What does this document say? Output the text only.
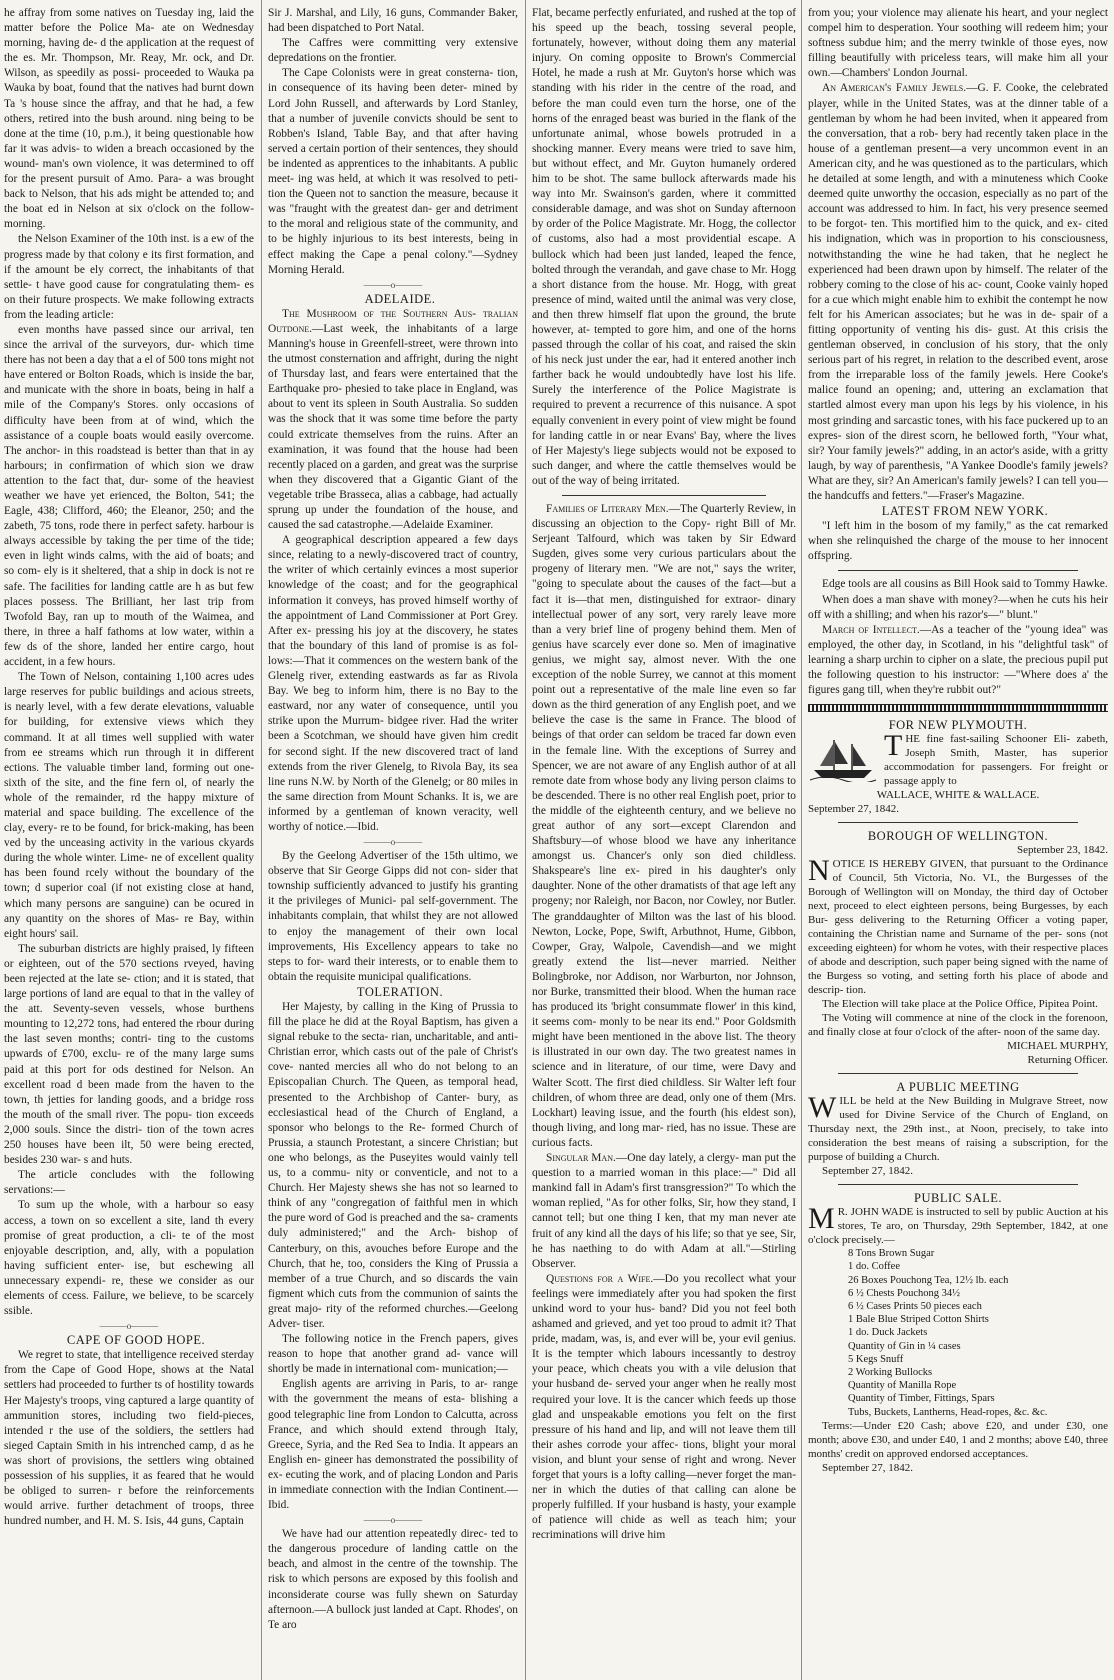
he affray from some natives on Tuesday ing, laid the matter before the Police Ma- ate on Wednesday morning, having de- d the application at the request of the es. Mr. Thompson, Mr. Reay, Mr. ock, and Dr. Wilson, as speedily as possi- proceeded to Wauka pa Wauka by boat, found that the natives had burnt down Ta 's house since the affray, and that he had, a few others, retired into the bush around. ning being to be done at the time (10, p.m.), it being questionable how far it was advis- to widen a breach occasioned by the wound- man's own violence, it was determined to off for the present pursuit of Amo. Para- a was brought back to Nelson, that his ads might be attended to; and the boat ed in Nelson at six o'clock on the follow- morning.

the Nelson Examiner of the 10th inst. is a ew of the progress made by that colony e its first formation, and if the amount be ely correct, the inhabitants of that settle- t have good cause for congratulating them- es on their future prospects. We make following extracts from the leading article:

even months have passed since our arrival, ten since the arrival of the surveyors, dur- which time there has not been a day that a el of 500 tons might not have entered or Bolton Roads, which is inside the bar, and municate with the shore in boats, being in half a mile of the Company's Stores. only occasions of difficulty have been from at of wind, which the assistance of a couple boats would easily overcome. The anchor- in this roadstead is better than that in ay harbours; in confirmation of which sion we draw attention to the fact that, dur- some of the heaviest weather we have yet erienced, the Bolton, 541; the Eagle, 438; Clifford, 460; the Eleanor, 250; and the zabeth, 75 tons, rode there in perfect safety. harbour is always accessible by taking the per time of the tide; even in light winds calms, with the aid of boats; and so com- ely is it sheltered, that a ship in dock is not re safe. The facilities for landing cattle are h as but few places possess. The Brilliant, her last trip from Twofold Bay, ran up to mouth of the Waimea, and there, in three a half fathoms at low water, within a few ds of the shore, landed her entire cargo, hout accident, in a few hours.

The Town of Nelson, containing 1,100 acres udes large reserves for public buildings and acious streets, is nearly level, with a few derate elevations, valuable for building, for extensive views which they command. It at all times well supplied with water from ee streams which run through it in different ections. The valuable timber land, forming out one-sixth of the site, and the fine fern ol, of nearly the whole of the remainder, rd the happy mixture of material and space building. The excellence of the clay, every- re to be found, for brick-making, has been ved by the unceasing activity in the various ckyards during the whole winter. Lime- ne of excellent quality has been found rcely without the boundary of the town; d superior coal (if not existing close at hand, which many persons are sanguine) can be ocured in any quantity on the shores of Mas- re Bay, within eight hours' sail.

The suburban districts are highly praised, ly fifteen or eighteen, out of the 570 sections rveyed, having been rejected at the late se- ction; and it is stated, that large portions of land are equal to that in the valley of the att. Seventy-seven vessels, whose burthens mounting to 12,272 tons, had entered the rbour during the last seven months; contri- ting to the customs upwards of £700, exclu- re of the many large sums paid at this port for ods destined for Nelson. An excellent road d been made from the haven to the town, th jetties for landing goods, and a bridge ross the mouth of the small river. The popu- tion exceeds 2,000 souls. Since the distri- tion of the town acres 250 houses have been ilt, 50 were being erected, besides 230 war- s and huts.

The article concludes with the following servations:—

To sum up the whole, with a harbour so easy access, a town on so excellent a site, land th every promise of great production, a cli- te of the most enjoyable description, and, ally, with a population having sufficient enter- ise, but eschewing all unnecessary expendi- re, these we consider as our elements of ccess. Failure, we believe, to be scarcely ssible.

———o———

CAPE OF GOOD HOPE.

We regret to state, that intelligence received sterday from the Cape of Good Hope, shows at the Natal settlers had proceeded to further ts of hostility towards Her Majesty's troops, ving captured a large quantity of ammunition stores, including two field-pieces, intended r the use of the soldiers, the settlers had sieged Captain Smith in his intrenched camp, d as he was short of provisions, the settlers wing obtained possession of his supplies, it as feared that he would be obliged to surren- r before the reinforcements would arrive. further detachment of troops, three hundred number, and H. M. S. Isis, 44 guns, Captain

Sir J. Marshal, and Lily, 16 guns, Commander Baker, had been dispatched to Port Natal.

The Caffres were committing very extensive depredations on the frontier.

The Cape Colonists were in great consterna- tion, in consequence of its having been deter- mined by Lord John Russell, and afterwards by Lord Stanley, that a number of juvenile convicts should be sent to Robben's Island, Table Bay, and that after having served a certain portion of their sentences, they should be indented as apprentices to the inhabitants. A public meet- ing was held, at which it was resolved to peti- tion the Queen not to sanction the measure, because it was "fraught with the greatest dan- ger and detriment to the moral and religious state of the community, and to be highly injurious to its best interests, being in effect making the Cape a penal colony."—Sydney Morning Herald.

———o———

ADELAIDE.

The Mushroom of the Southern Aus- tralian Outdone.—Last week, the inhabitants of a large Manning's house in Greenfell-street, were thrown into the utmost consternation and affright, during the night of Thursday last, and fears were entertained that the Earthquake pro- phesied to take place in England, was about to vent its spleen in South Australia. So sudden was the shock that it was some time before the party could extricate themselves from the ruins. After an examination, it was found that the house had been recently placed on a garden, and great was the surprise when they discovered that a Gigantic Giant of the vegetable tribe Brasseca, alias a cabbage, had actually sprung up under the foundation of the house, and caused the sad catastrophe.—Adelaide Examiner.

A geographical description appeared a few days since, relating to a newly-discovered tract of country, the writer of which certainly evinces a most superior knowledge of the coast; and for the geographical information it conveys, has proved himself worthy of the appointment of Land Commissioner at Port Grey. After ex- pressing his joy at the discovery, he states that the boundary of this land of promise is as fol- lows:—That it commences on the western bank of the Glenelg river, extending eastwards as far as Rivola Bay. We beg to inform him, there is no Bay to the eastward, nor any water of consequence, until you strike upon the Murrum- bidgee river. Had the writer been a Scotchman, we should have given him credit for second sight. If the new discovered tract of land extends from the river Glenelg, to Rivola Bay, its sea line runs N.W. by North of the Glenelg; or 80 miles in the same direction from Mount Schanks. It is, we are informed by a gentleman of known veracity, well worthy of notice.—Ibid.

———o———

By the Geelong Advertiser of the 15th ultimo, we observe that Sir George Gipps did not con- sider that township sufficiently advanced to justify his granting it the privileges of Munici- pal self-government. The inhabitants complain, that whilst they are not allowed to enjoy the management of their own local improvements, His Excellency appears to take no steps to for- ward their interests, or to enable them to obtain the requisite municipal qualifications.

TOLERATION.

Her Majesty, by calling in the King of Prussia to fill the place he did at the Royal Baptism, has given a signal rebuke to the secta- rian, uncharitable, and anti-Christian error, which casts out of the pale of Christ's cove- nanted mercies all who do not belong to an Episcopalian Church. The Queen, as temporal head, presented to the Archbishop of Canter- bury, as ecclesiastical head of the Church of England, a sponsor who belongs to the Re- formed Church of Prussia, a staunch Protestant, a sincere Christian; but one who belongs, as the Puseyites would vainly tell us, to a commu- nity or conventicle, and not to a Church. Her Majesty shews she has not so learned to think of any "congregation of faithful men in which the pure word of God is preached and the sa- craments duly administered;" and the Arch- bishop of Canterbury, on this, avouches before Europe and the Church, that he, too, considers the King of Prussia a member of a true Church, and so discards the vain figment which cuts from the communion of saints the great majo- rity of the reformed churches.—Geelong Adver- tiser.

The following notice in the French papers, gives reason to hope that another grand ad- vance will shortly be made in international com- munication;—

English agents are arriving in Paris, to ar- range with the government the means of esta- blishing a good telegraphic line from London to Calcutta, across France, and which should extend through Italy, Greece, Syria, and the Red Sea to India. It appears an English en- gineer has demonstrated the possibility of ex- ecuting the work, and of placing London and Paris in immediate connection with the Indian Continent.—Ibid.

———o———

We have had our attention repeatedly direc- ted to the dangerous procedure of landing cattle on the beach, and almost in the centre of the township. The risk to which persons are exposed by this foolish and inconsiderate course was fully shewn on Saturday afternoon.—A bullock just landed at Capt. Rhodes', on Te aro

Flat, became perfectly enfuriated, and rushed at the top of his speed up the beach, tossing several people, fortunately, however, without doing them any material injury. On coming opposite to Brown's Commercial Hotel, he made a rush at Mr. Guyton's horse which was standing with his rider in the centre of the road, and before the man could even turn the horse, one of the horns of the enraged beast was buried in the flank of the unfortunate animal, whose bowels protruded in a shocking manner. Every means were tried to save him, but without effect, and Mr. Guyton humanely ordered him to be shot. The same bullock afterwards made his way into Mr. Swainson's garden, where it committed considerable damage, and was shot on Sunday afternoon by order of the Police Magistrate. Mr. Hogg, the collector of customs, also had a most providential escape. A bullock which had been just landed, leaped the fence, bolted through the verandah, and gave chase to Mr. Hogg a short distance from the house. Mr. Hogg, with great presence of mind, waited until the animal was very close, and then threw himself flat upon the ground, the brute however, at- tempted to gore him, and one of the horns passed through the collar of his coat, and raised the skin of his neck just under the ear, had it entered another inch farther back he would undoubtedly have lost his life. Surely the interference of the Police Magistrate is required to prevent a recurrence of this nuisance. A spot equally convenient in every point of view might be found for landing cattle in or near Evans' Bay, where the lives of Her Majesty's liege subjects would not be exposed to such danger, and where the cattle themselves would be out of the way of being irritated.

Families of Literary Men.—The Quarterly Review, in discussing an objection to the Copy- right Bill of Mr. Serjeant Talfourd, which was taken by Sir Edward Sugden, gives some very curious particulars about the progeny of literary men. "We are not," says the writer, "going to speculate about the causes of the fact—but a fact it is—that men, distinguished for extraor- dinary intellectual power of any sort, very rarely leave more than a very brief line of progeny behind them. Men of genius have scarcely ever done so. Men of imaginative genius, we might say, almost never. With the one exception of the noble Surrey, we cannot at this moment point out a representative of the male line even so far down as the third generation of any English poet, and we believe the case is the same in France. The blood of beings of that order can seldom be traced far down even in the female line. With the exceptions of Surrey and Spencer, we are not aware of any English author of at all remote date from whose body any living person claims to be descended. There is no other real English poet, prior to the middle of the eighteenth century, and we believe no great author of any sort—except Clarendon and Shaftsbury—of whose blood we have any inheritance amongst us. Chancer's only son died childless. Shakspeare's line ex- pired in his daughter's only daughter. None of the other dramatists of that age left any progeny; nor Raleigh, nor Bacon, nor Cowley, nor Butler. The granddaughter of Milton was the last of his blood. Newton, Locke, Pope, Swift, Arbuthnot, Hume, Gibbon, Cowper, Gray, Walpole, Cavendish—and we might greatly extend the list—never married. Neither Bolingbroke, nor Addison, nor Warburton, nor Johnson, nor Burke, transmitted their blood. When the human race has produced its 'bright consummate flower' in this kind, it seems com- monly to be near its end." Poor Goldsmith might have been mentioned in the above list. The theory is illustrated in our own day. The two greatest names in science and in literature, of our time, were Davy and Walter Scott. The first died childless. Sir Walter left four children, of whom three are dead, only one of them (Mrs. Lockhart) leaving issue, and the fourth (his eldest son), though living, and long mar- ried, has no issue. These are curious facts.

Singular Man.—One day lately, a clergy- man put the question to a married woman in this place:—" Did all mankind fall in Adam's first transgression?" To which the woman replied, "As for other folks, Sir, how they stand, I cannot tell; but one thing I ken, that my man never ate fruit of any kind all the days of his life; so that ye see, Sir, he has naething to do with Adam at all."—Stirling Observer.

Questions for a Wife.—Do you recollect what your feelings were immediately after you had spoken the first unkind word to your hus- band? Did you not feel both ashamed and grieved, and yet too proud to admit it? That pride, madam, was, is, and ever will be, your evil genius. It is the tempter which labours incessantly to destroy your peace, which cheats you with a vile delusion that your husband de- served your anger when he really most required your love. It is the cancer which feeds up those glad and unspeakable emotions you felt on the first pressure of his hand and lip, and will not leave them till their ashes corrode your affec- tions, blight your moral vision, and blunt your sense of right and wrong. Never forget that yours is a lofty calling—never forget the man- ner in which the duties of that calling can alone be properly fulfilled. If your husband is hasty, your example of patience will chide as well as teach him; your recriminations will drive him

from you; your violence may alienate his heart, and your neglect compel him to desperation. Your soothing will redeem him; your softness subdue him; and the merry twinkle of those eyes, now filling beautifully with priceless tears, will make him all your own.—Chambers' London Journal.

An American's Family Jewels.—G. F. Cooke, the celebrated player, while in the United States, was at the dinner table of a gentleman by whom he had been invited, when it appeared from the conversation, that a rob- bery had recently taken place in the house of a gentleman present—a very uncommon event in an American city, and he was questioned as to the particulars, which he detailed at some length, and with a minuteness which Cooke deemed quite unworthy the occasion, especially as no part of the account was addressed to him. In fact, his very presence seemed to be forgot- ten. This mortified him to the quick, and ex- cited his indignation, which was in proportion to his consciousness, notwithstanding the wine he had taken, that he neglect he experienced had been drawn upon by himself. The relater of the robbery coming to the close of his ac- count, Cooke vainly hoped for a cue which might enable him to exhibit the contempt he now felt for his American associates; but he was in de- spair of a fitting opportunity of venting his dis- gust. At this crisis the gentleman observed, in conclusion of his story, that the only serious part of his regret, in relation to the described event, arose from the irreparable loss of the family jewels. Here Cooke's malice found an opening; and, uttering an exclamation that startled almost every man upon his legs by his violence, in his most grinding and sarcastic tones, with his face puckered up to an expres- sion of the direst scorn, he bellowed forth, "Your what, sir? Your family jewels?" adding, in an actor's aside, with a gritty laugh, by way of parenthesis, "A Yankee Doodle's family jewels? What are they, sir? An American's family jewels? I can tell you—the handcuffs and fetters."—Fraser's Magazine.

LATEST FROM NEW YORK.

"I left him in the bosom of my family," as the cat remarked when she relinquished the charge of the mouse to her innocent offspring.

Edge tools are all cousins as Bill Hook said to Tommy Hawke.

When does a man shave with money?—when he cuts his heir off with a shilling; and when his razor's—" blunt."

March of Intellect.—As a teacher of the "young idea" was employed, the other day, in Scotland, in his "delightful task" of learning a sharp urchin to cipher on a slate, the precious pupil put the following question to his instructor: —"Where does a' the figures gang till, when they're rubbit out?"

FOR NEW PLYMOUTH.

THE fine fast-sailing Schooner Eli- zabeth, Joseph Smith, Master, has superior accommodation for passengers. For freight or passage apply to

WALLACE, WHITE & WALLACE.

September 27, 1842.

BOROUGH OF WELLINGTON.

September 23, 1842.

NOTICE IS HEREBY GIVEN, that pursuant to the Ordinance of Council, 5th Victoria, No. VI., the Burgesses of the Borough of Wellington will on Monday, the third day of October next, proceed to elect eighteen persons, being Burgesses, by each Bur- gess delivering to the Returning Officer a voting paper, containing the Christian name and Surname of the per- sons (not exceeding eighteen) for whom he votes, with their respective places of abode and description, such paper being signed with the name of the Burgess so voting, and setting forth his place of abode and descrip- tion.

The Election will take place at the Police Office, Pipitea Point.

The Voting will commence at nine of the clock in the forenoon, and finally close at four o'clock of the after- noon of the same day.

MICHAEL MURPHY,

Returning Officer.

A PUBLIC MEETING

WILL be held at the New Building in Mulgrave Street, now used for Divine Service of the Church of England, on Thursday next, the 29th inst., at Noon, precisely, to take into consideration the best means of raising a subscription, for the purpose of building a Church.

September 27, 1842.

PUBLIC SALE.

M R. JOHN WADE is instructed to sell by public Auction at his stores, Te aro, on Thursday, 29th September, 1842, at one o'clock precisely.—

8 Tons Brown Sugar
1 do. Coffee
26 Boxes Pouchong Tea, 12½ lb. each
6 ½ Chests Pouchong 34½
6 ½ Cases Prints 50 pieces each
1 Bale Blue Striped Cotton Shirts
1 do. Duck Jackets
Quantity of Gin in ¼ cases
5 Kegs Snuff
2 Working Bullocks
Quantity of Manilla Rope
Quantity of Timber, Fittings, Spars
Tubs, Buckets, Lantherns, Head-ropes, &c. &c.

Terms:—Under £20 Cash; above £20, and under £30, one month; above £30, and under £40, 1 and 2 months; above £40, three months' credit on approved endorsed acceptances.

September 27, 1842.
